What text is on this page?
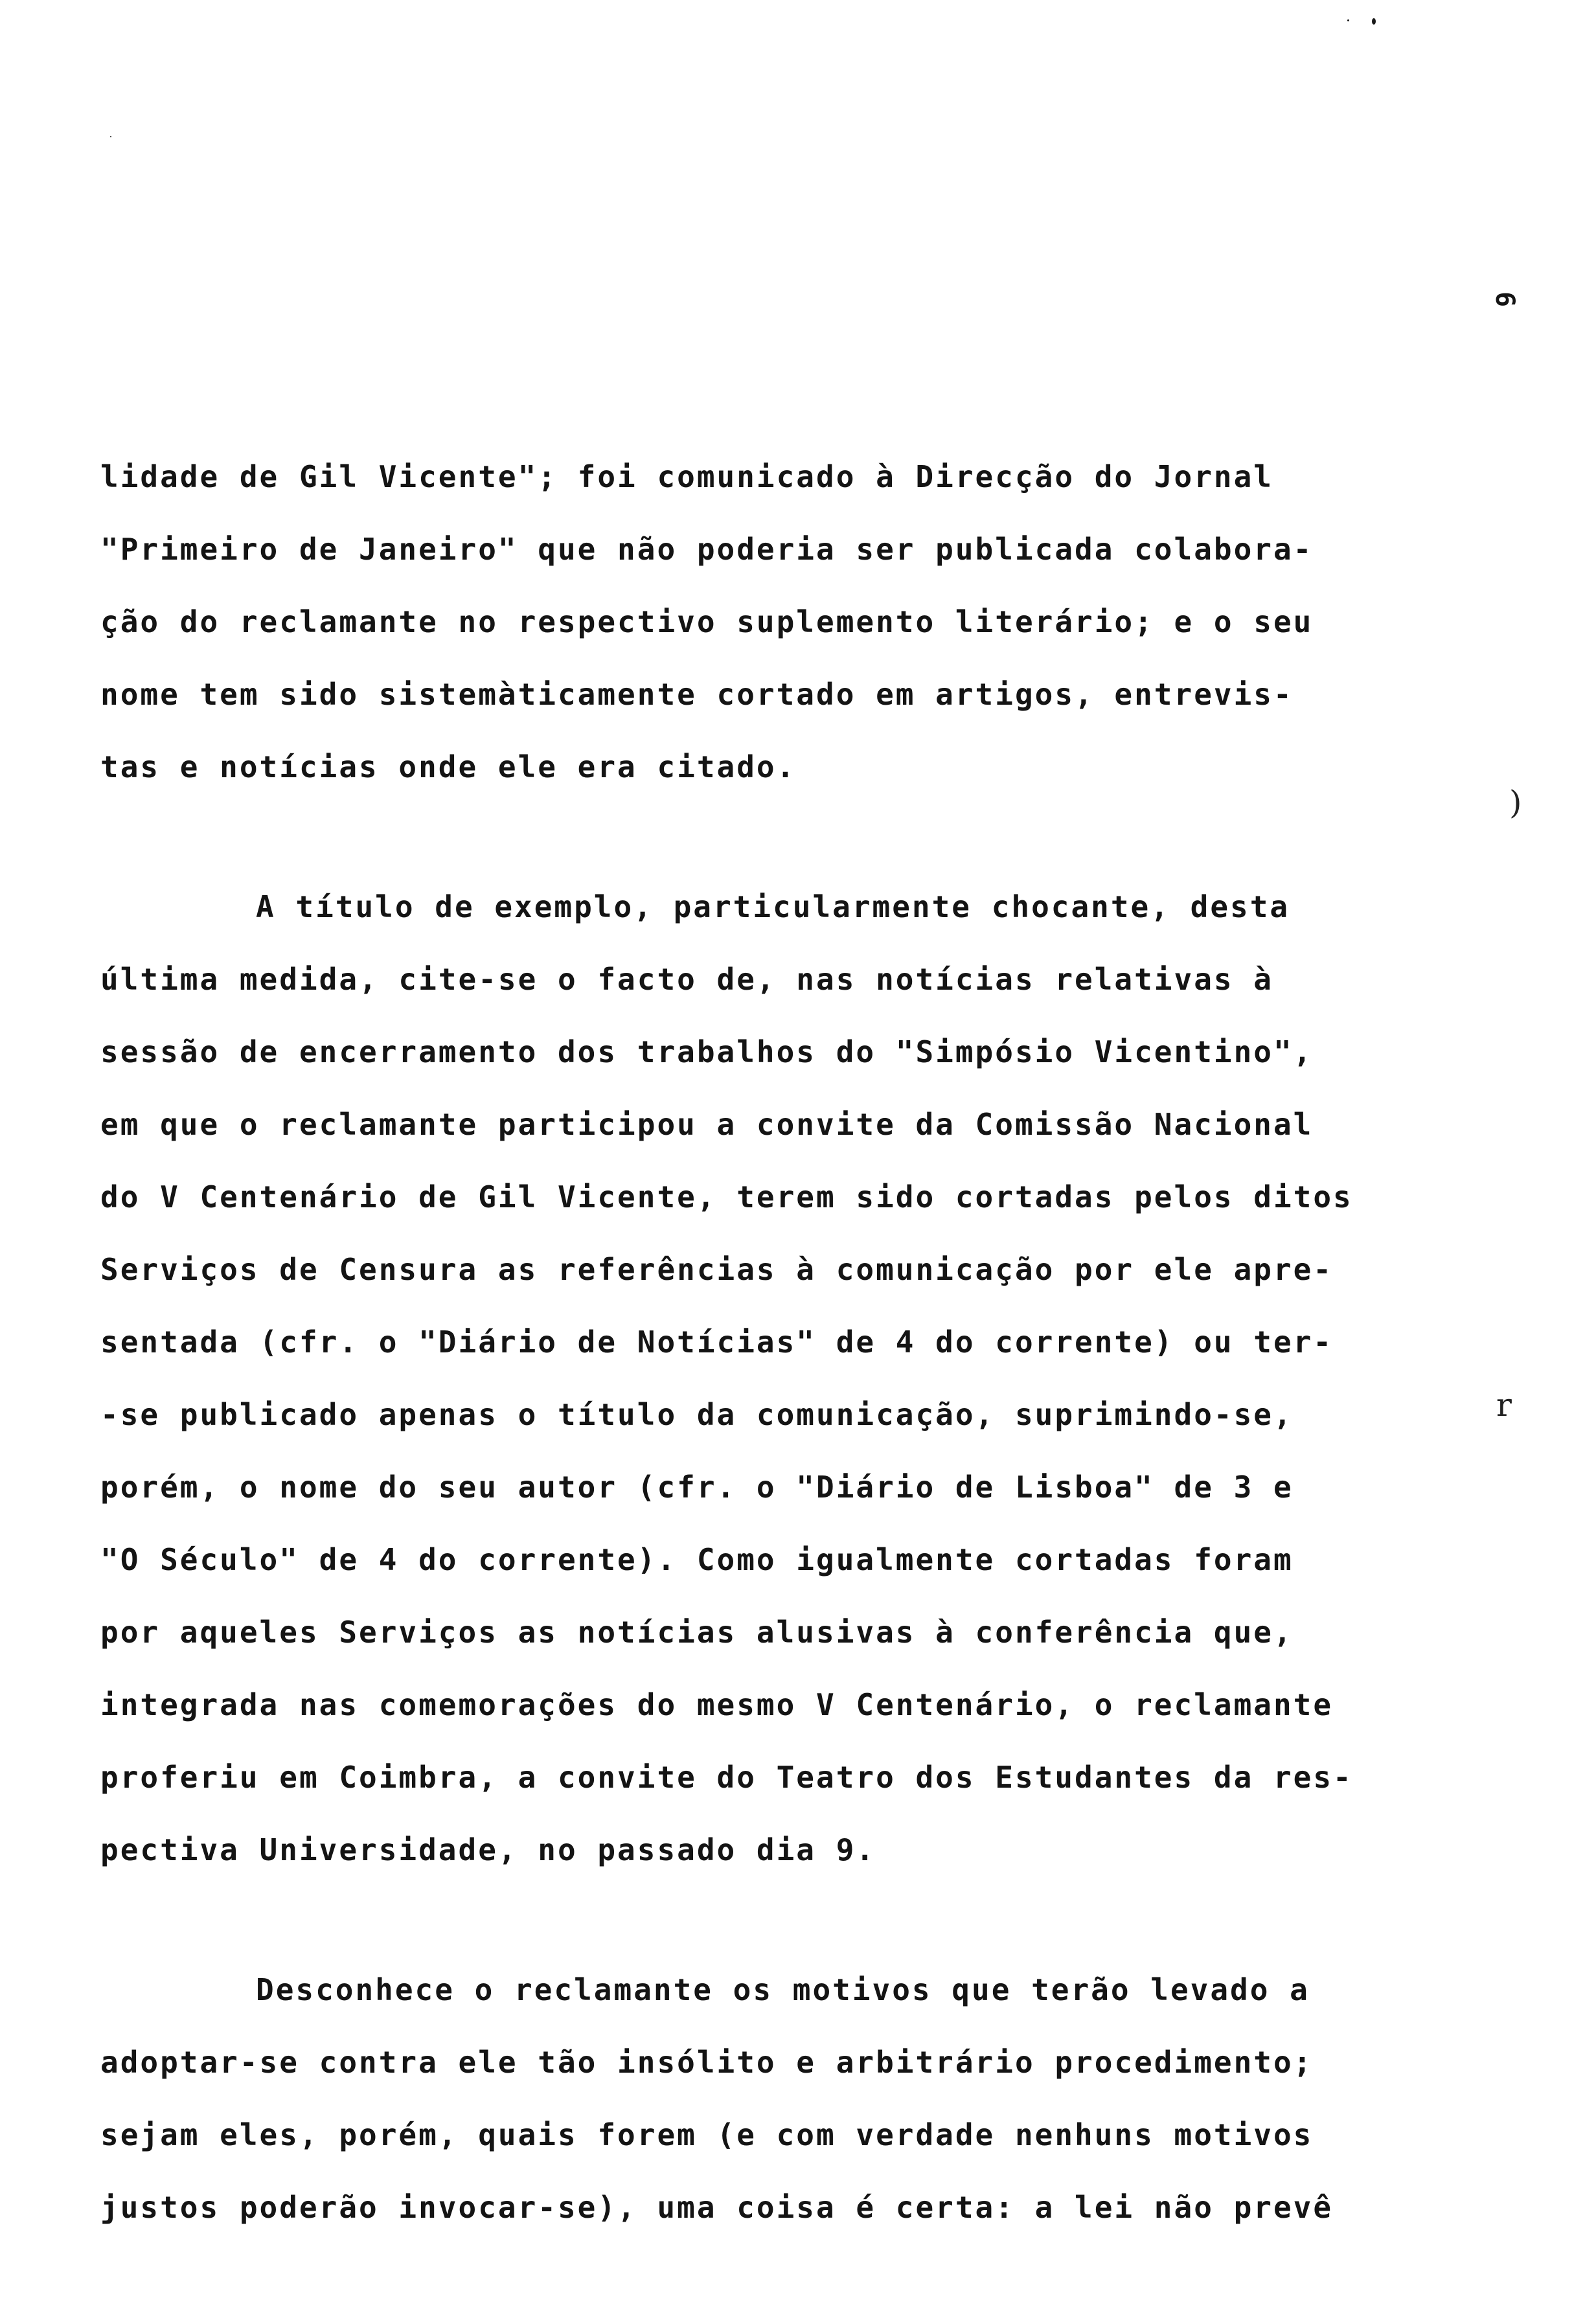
6
)
r
lidade de Gil Vicente"; foi comunicado à Direcção do Jornal
"Primeiro de Janeiro" que não poderia ser publicada colabora-
ção do reclamante no respectivo suplemento literário; e o seu
nome tem sido sistemàticamente cortado em artigos, entrevis-
tas e notícias onde ele era citado.
A título de exemplo, particularmente chocante, desta
última medida, cite-se o facto de, nas notícias relativas à
sessão de encerramento dos trabalhos do "Simpósio Vicentino",
em que o reclamante participou a convite da Comissão Nacional
do V Centenário de Gil Vicente, terem sido cortadas pelos ditos
Serviços de Censura as referências à comunicação por ele apre-
sentada (cfr. o "Diário de Notícias" de 4 do corrente) ou ter-
-se publicado apenas o título da comunicação, suprimindo-se,
porém, o nome do seu autor (cfr. o "Diário de Lisboa" de 3 e
"O Século" de 4 do corrente). Como igualmente cortadas foram
por aqueles Serviços as notícias alusivas à conferência que,
integrada nas comemorações do mesmo V Centenário, o reclamante
proferiu em Coimbra, a convite do Teatro dos Estudantes da res-
pectiva Universidade, no passado dia 9.
Desconhece o reclamante os motivos que terão levado a
adoptar-se contra ele tão insólito e arbitrário procedimento;
sejam eles, porém, quais forem (e com verdade nenhuns motivos
justos poderão invocar-se), uma coisa é certa: a lei não prevê
